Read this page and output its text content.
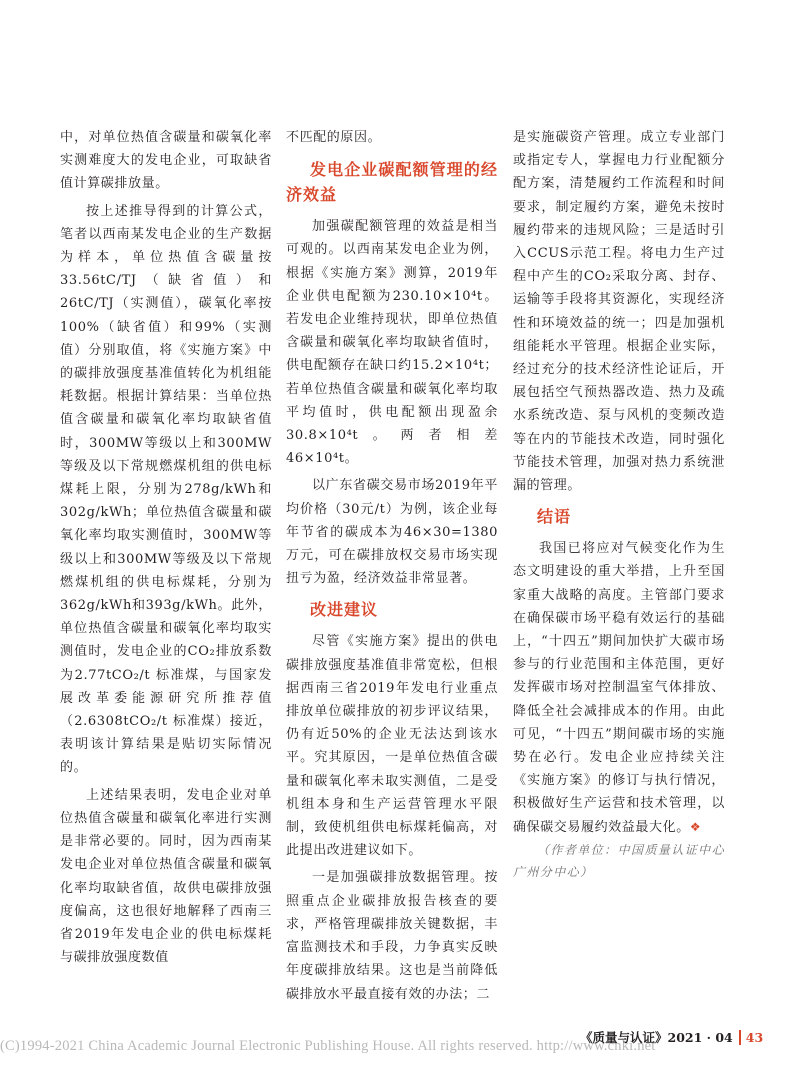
中，对单位热值含碳量和碳氧化率实测难度大的发电企业，可取缺省值计算碳排放量。

按上述推导得到的计算公式，笔者以西南某发电企业的生产数据为样本，单位热值含碳量按33.56tC/TJ（缺省值）和26tC/TJ（实测值），碳氧化率按100%（缺省值）和99%（实测值）分别取值，将《实施方案》中的碳排放强度基准值转化为机组能耗数据。根据计算结果：当单位热值含碳量和碳氧化率均取缺省值时，300MW等级以上和300MW等级及以下常规燃煤机组的供电标煤耗上限，分别为278g/kWh和302g/kWh；单位热值含碳量和碳氧化率均取实测值时，300MW等级以上和300MW等级及以下常规燃煤机组的供电标煤耗，分别为362g/kWh和393g/kWh。此外，单位热值含碳量和碳氧化率均取实测值时，发电企业的CO₂排放系数为2.77tCO₂/t 标准煤，与国家发展改革委能源研究所推荐值（2.6308tCO₂/t 标准煤）接近，表明该计算结果是贴切实际情况的。

上述结果表明，发电企业对单位热值含碳量和碳氧化率进行实测是非常必要的。同时，因为西南某发电企业对单位热值含碳量和碳氧化率均取缺省值，故供电碳排放强度偏高，这也很好地解释了西南三省2019年发电企业的供电标煤耗与碳排放强度数值

不匹配的原因。

发电企业碳配额管理的经济效益

加强碳配额管理的效益是相当可观的。以西南某发电企业为例，根据《实施方案》测算，2019年企业供电配额为230.10×10⁴t。若发电企业维持现状，即单位热值含碳量和碳氧化率均取缺省值时，供电配额存在缺口约15.2×10⁴t；若单位热值含碳量和碳氧化率均取平均值时，供电配额出现盈余30.8×10⁴t。两者相差46×10⁴t。

以广东省碳交易市场2019年平均价格（30元/t）为例，该企业每年节省的碳成本为46×30=1380万元，可在碳排放权交易市场实现扭亏为盈，经济效益非常显著。

改进建议

尽管《实施方案》提出的供电碳排放强度基准值非常宽松，但根据西南三省2019年发电行业重点排放单位碳排放的初步评议结果，仍有近50%的企业无法达到该水平。究其原因，一是单位热值含碳量和碳氧化率未取实测值，二是受机组本身和生产运营管理水平限制，致使机组供电标煤耗偏高，对此提出改进建议如下。

一是加强碳排放数据管理。按照重点企业碳排放报告核查的要求，严格管理碳排放关键数据，丰富监测技术和手段，力争真实反映年度碳排放结果。这也是当前降低碳排放水平最直接有效的办法；二

是实施碳资产管理。成立专业部门或指定专人，掌握电力行业配额分配方案，清楚履约工作流程和时间要求，制定履约方案，避免未按时履约带来的违规风险；三是适时引入CCUS示范工程。将电力生产过程中产生的CO₂采取分离、封存、运输等手段将其资源化，实现经济性和环境效益的统一；四是加强机组能耗水平管理。根据企业实际，经过充分的技术经济性论证后，开展包括空气预热器改造、热力及疏水系统改造、泵与风机的变频改造等在内的节能技术改造，同时强化节能技术管理，加强对热力系统泄漏的管理。

结语

我国已将应对气候变化作为生态文明建设的重大举措，上升至国家重大战略的高度。主管部门要求在确保碳市场平稳有效运行的基础上，“十四五”期间加快扩大碳市场参与的行业范围和主体范围，更好发挥碳市场对控制温室气体排放、降低全社会减排成本的作用。由此可见，“十四五”期间碳市场的实施势在必行。发电企业应持续关注《实施方案》的修订与执行情况，积极做好生产运营和技术管理，以确保碳交易履约效益最大化。❖

（作者单位：中国质量认证中心广州分中心）

(C)1994-2021 China Academic Journal Electronic Publishing House. All rights reserved. http://www.cnki.net
《质量与认证》2021 · 04 43
